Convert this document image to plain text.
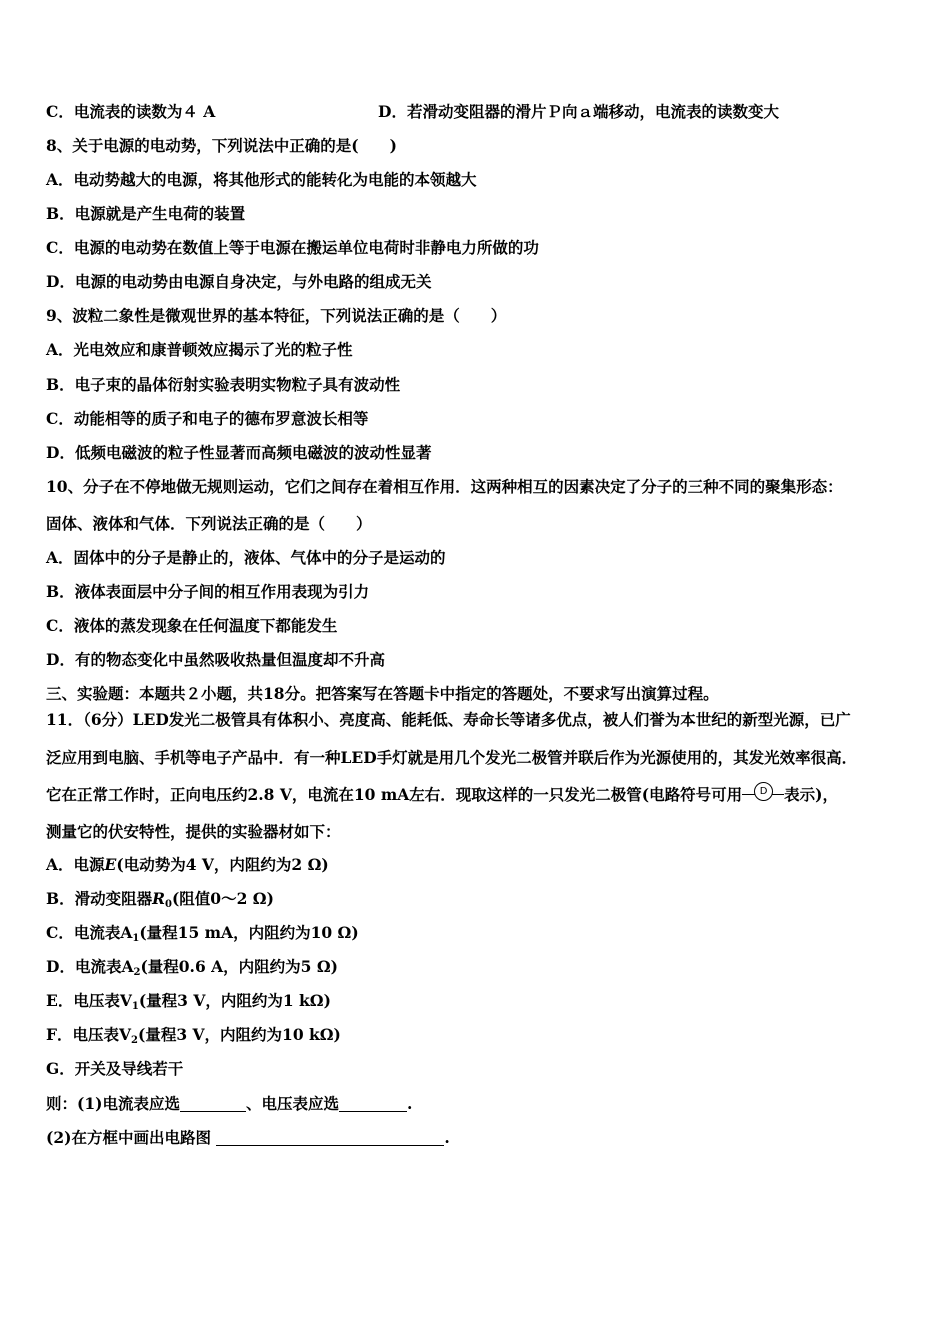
C．电流表的读数为４ A	D．若滑动变阻器的滑片Ｐ向ａ端移动，电流表的读数变大
8、关于电源的电动势，下列说法中正确的是(　　)
A．电动势越大的电源，将其他形式的能转化为电能的本领越大
B．电源就是产生电荷的装置
C．电源的电动势在数值上等于电源在搬运单位电荷时非静电力所做的功
D．电源的电动势由电源自身决定，与外电路的组成无关
9、波粒二象性是微观世界的基本特征，下列说法正确的是（　　）
A．光电效应和康普顿效应揭示了光的粒子性
B．电子束的晶体衍射实验表明实物粒子具有波动性
C．动能相等的质子和电子的德布罗意波长相等
D．低频电磁波的粒子性显著而高频电磁波的波动性显著
10、分子在不停地做无规则运动，它们之间存在着相互作用．这两种相互的因素决定了分子的三种不同的聚集形态：
固体、液体和气体．下列说法正确的是（　　）
A．固体中的分子是静止的，液体、气体中的分子是运动的
B．液体表面层中分子间的相互作用表现为引力
C．液体的蒸发现象在任何温度下都能发生
D．有的物态变化中虽然吸收热量但温度却不升高
三、实验题：本题共２小题，共18分。把答案写在答题卡中指定的答题处，不要求写出演算过程。
11．（6分）LED发光二极管具有体积小、亮度高、能耗低、寿命长等诸多优点，被人们誉为本世纪的新型光源，已广
泛应用到电脑、手机等电子产品中．有一种LED手灯就是用几个发光二极管并联后作为光源使用的，其发光效率很高．
它在正常工作时，正向电压约2.8 V，电流在10 mA左右．现取这样的一只发光二极管(电路符号可用	D	表示)，
测量它的伏安特性，提供的实验器材如下：
A．电源E(电动势为4 V，内阻约为2 Ω)
B．滑动变阻器$R_0$(阻值0～2 Ω)
C．电流表$A_1$(量程15 mA，内阻约为10 Ω)
D．电流表$A_2$(量程0.6 A，内阻约为5 Ω)
E．电压表$V_1$(量程3 V，内阻约为1 kΩ)
F．电压表$V_2$(量程3 V，内阻约为10 kΩ)
G．开关及导线若干
则：(1)电流表应选	、电压表应选	.
(2)在方框中画出电路图	.
